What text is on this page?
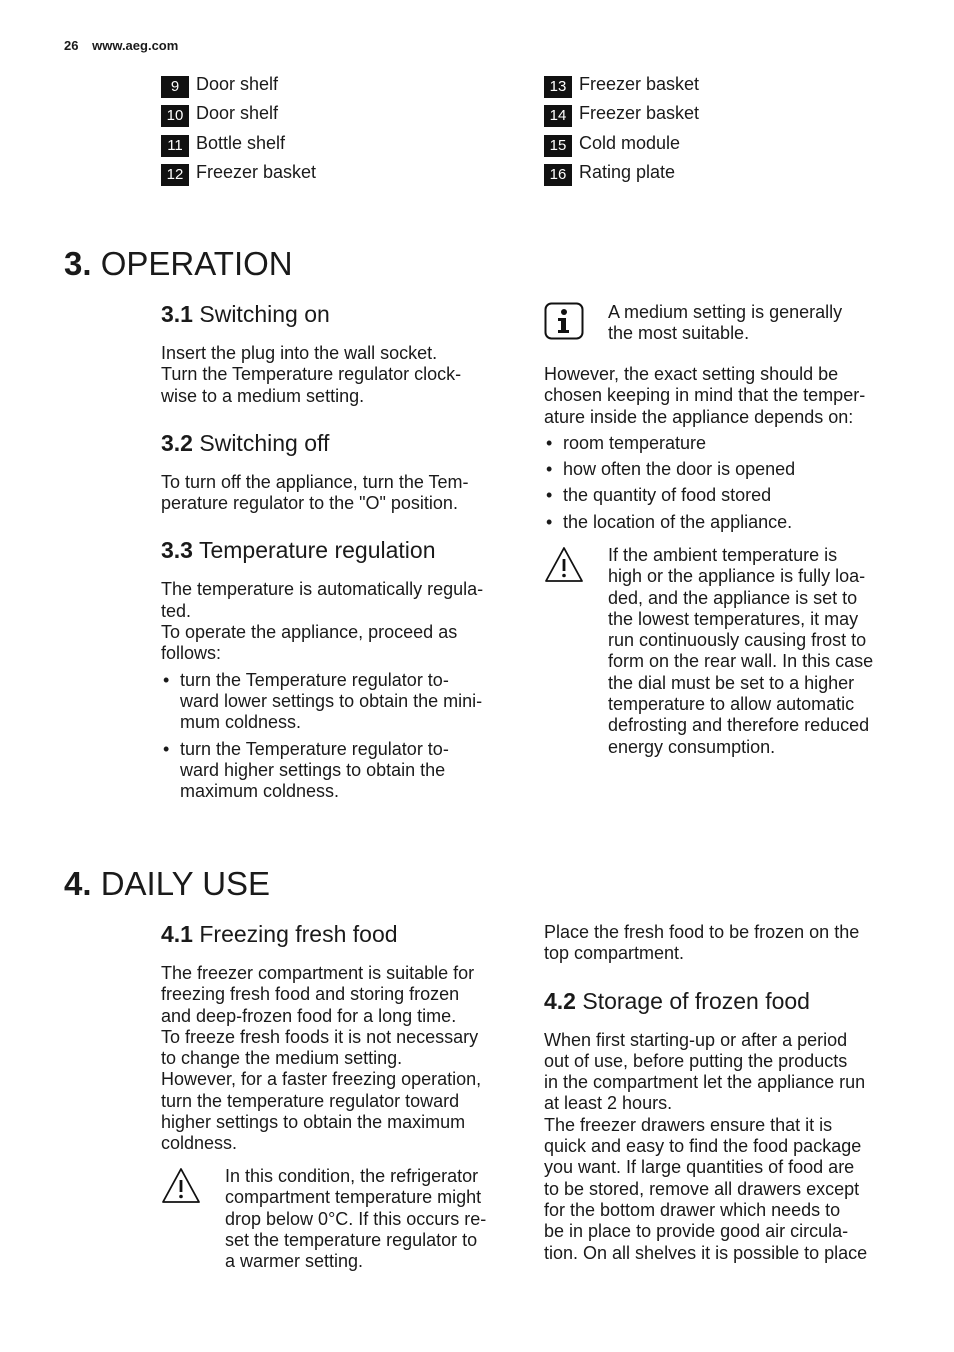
26 www.aeg.com
9 Door shelf
10 Door shelf
11 Bottle shelf
12 Freezer basket
13 Freezer basket
14 Freezer basket
15 Cold module
16 Rating plate
3. OPERATION
3.1 Switching on

Insert the plug into the wall socket.
Turn the Temperature regulator clock-
wise to a medium setting.

3.2 Switching off

To turn off the appliance, turn the Tem-
perature regulator to the "O" position.

3.3 Temperature regulation

The temperature is automatically regula-
ted.
To operate the appliance, proceed as
follows:

• turn the Temperature regulator to-
ward lower settings to obtain the mini-
mum coldness.
• turn the Temperature regulator to-
ward higher settings to obtain the
maximum coldness.
A medium setting is generally
the most suitable.

However, the exact setting should be
chosen keeping in mind that the temper-
ature inside the appliance depends on:

• room temperature
• how often the door is opened
• the quantity of food stored
• the location of the appliance.
If the ambient temperature is
high or the appliance is fully loa-
ded, and the appliance is set to
the lowest temperatures, it may
run continuously causing frost to
form on the rear wall. In this case
the dial must be set to a higher
temperature to allow automatic
defrosting and therefore reduced
energy consumption.
4. DAILY USE
4.1 Freezing fresh food

The freezer compartment is suitable for
freezing fresh food and storing frozen
and deep-frozen food for a long time.
To freeze fresh foods it is not necessary
to change the medium setting.
However, for a faster freezing operation,
turn the temperature regulator toward
higher settings to obtain the maximum
coldness.

In this condition, the refrigerator
compartment temperature might
drop below 0°C. If this occurs re-
set the temperature regulator to
a warmer setting.

Place the fresh food to be frozen on the
top compartment.

4.2 Storage of frozen food

When first starting-up or after a period
out of use, before putting the products
in the compartment let the appliance run
at least 2 hours.
The freezer drawers ensure that it is
quick and easy to find the food package
you want. If large quantities of food are
to be stored, remove all drawers except
for the bottom drawer which needs to
be in place to provide good air circula-
tion. On all shelves it is possible to place
